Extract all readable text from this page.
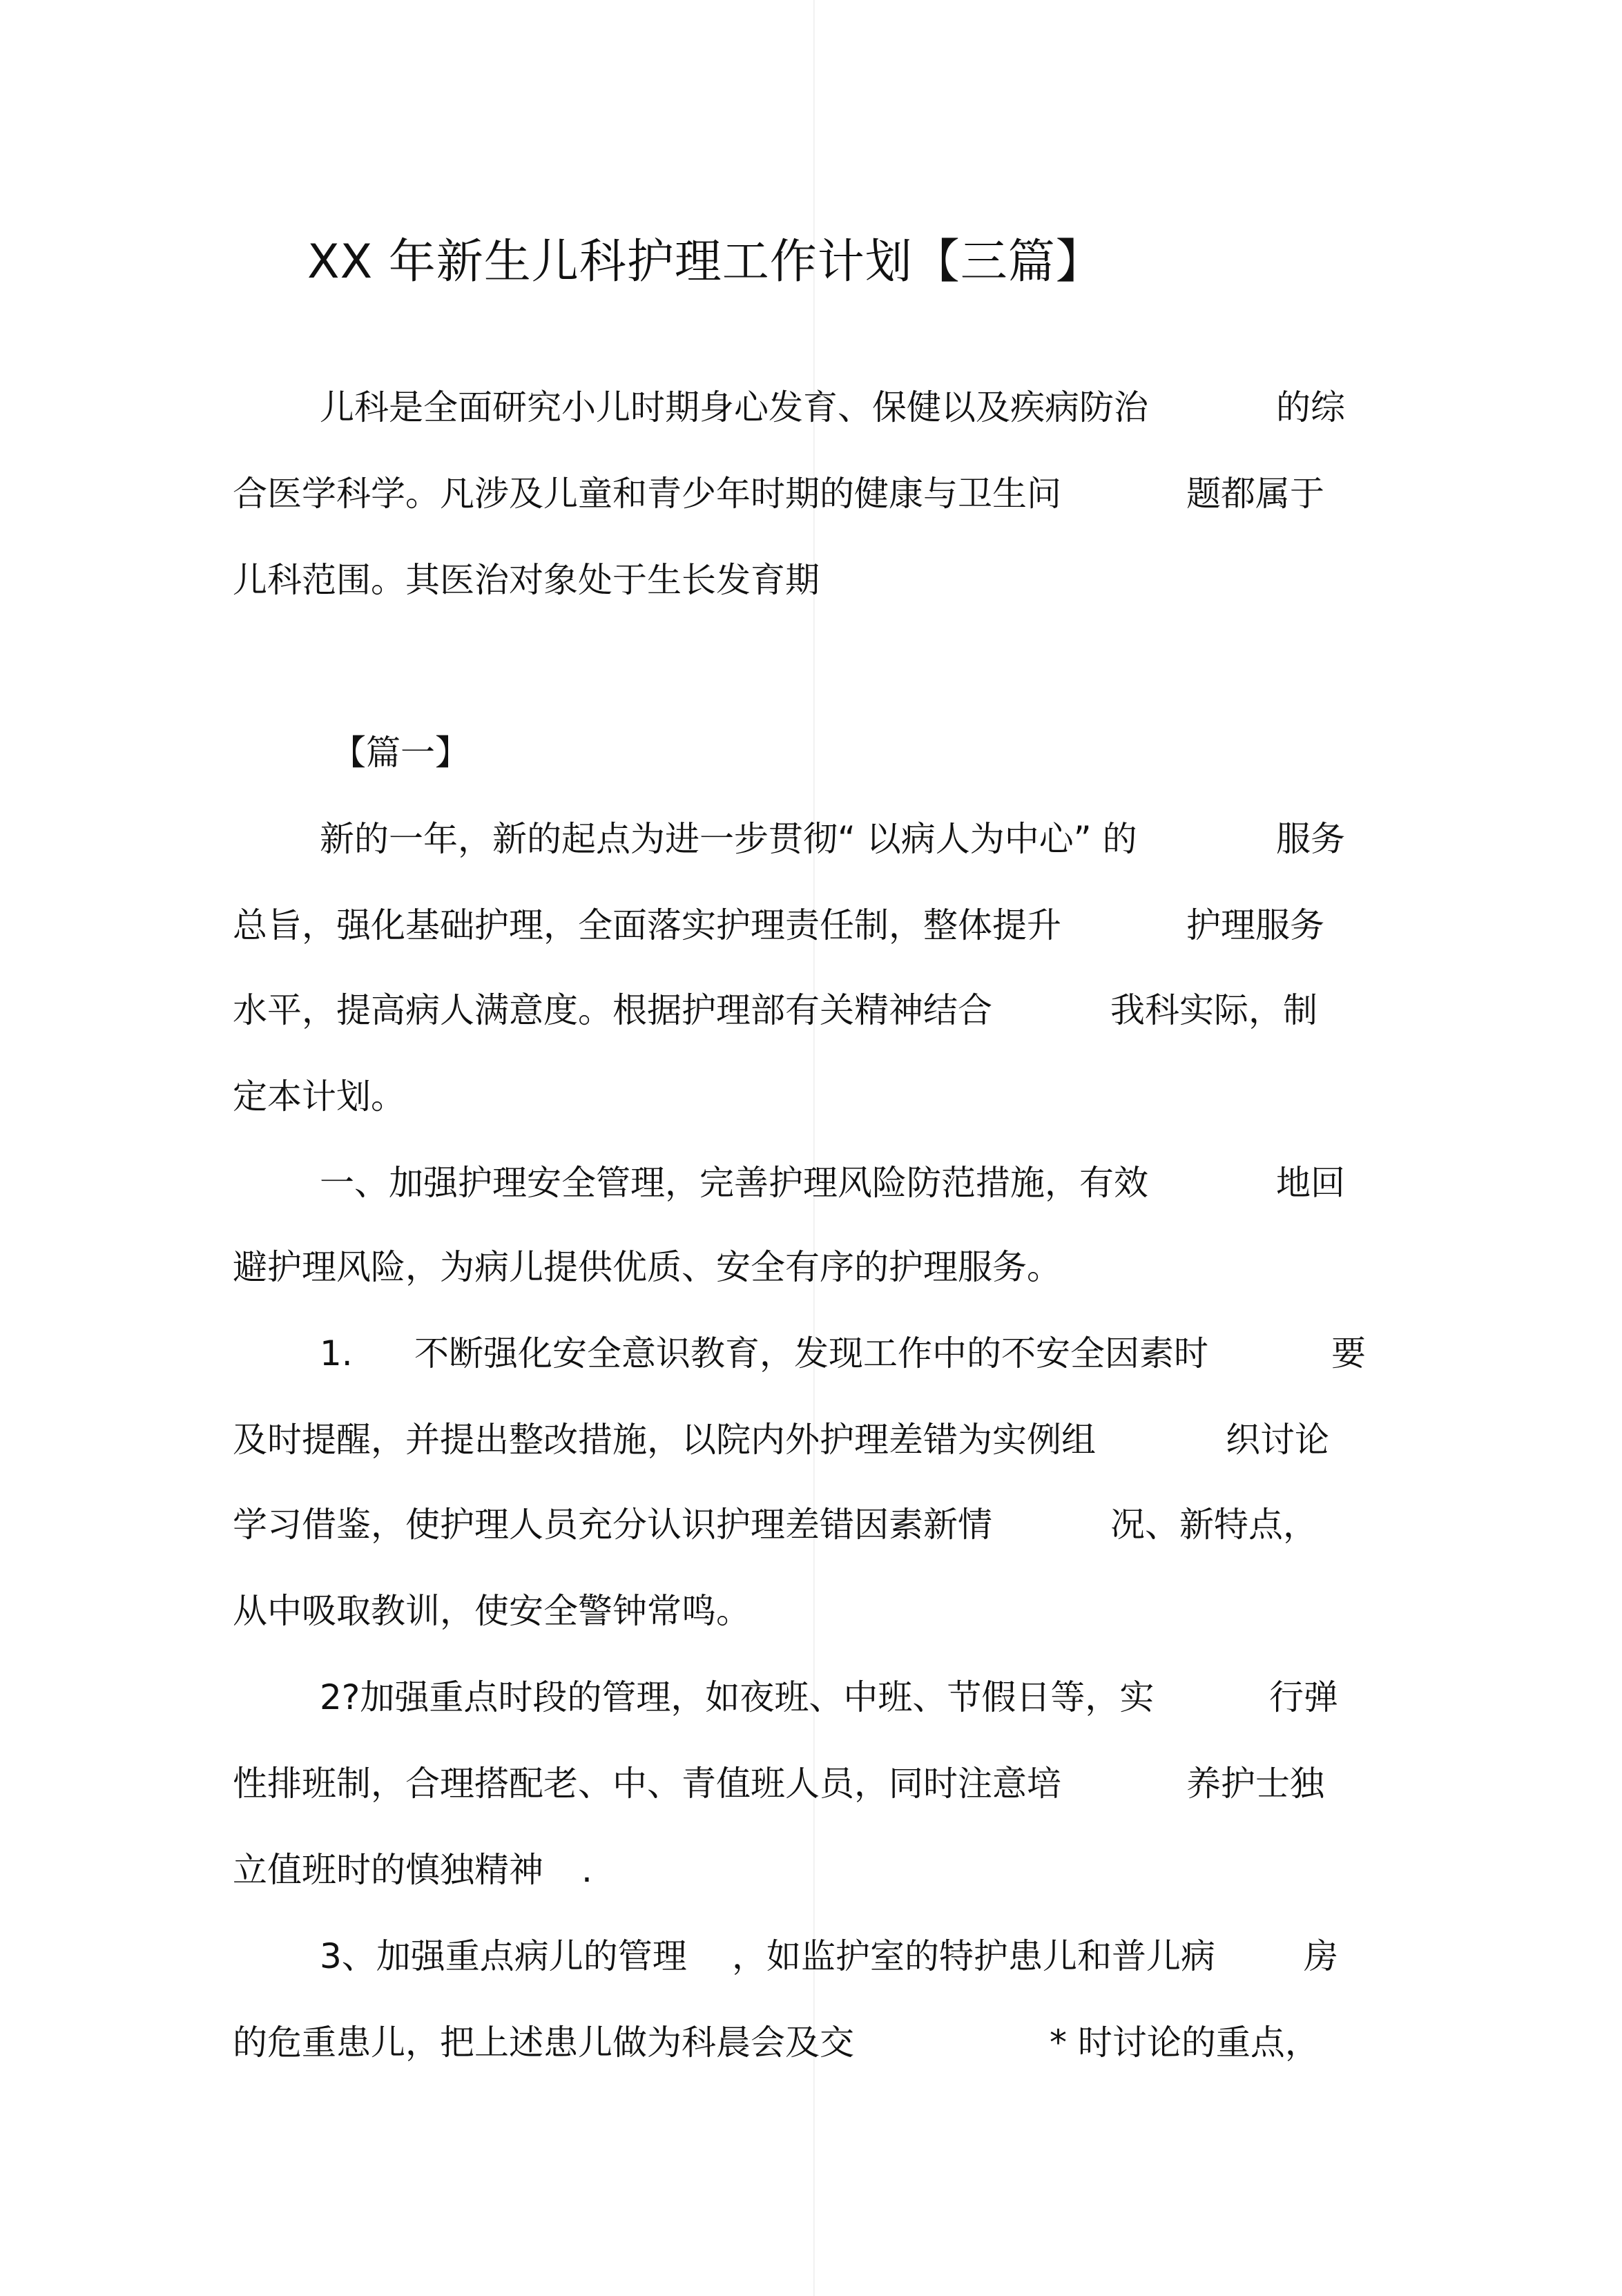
XX 年新生儿科护理工作计划【三篇】
儿科是全面研究小儿时期身心发育、保健以及疾病防治	的综
合医学科学。凡涉及儿童和青少年时期的健康与卫生问	题都属于
儿科范围。其医治对象处于生长发育期
【篇一】
新的一年，新的起点为进一步贯彻“ 以病人为中心” 的	服务
总旨，强化基础护理，全面落实护理责任制，整体提升	护理服务
水平，提高病人满意度。根据护理部有关精神结合	我科实际，制
定本计划。
一、加强护理安全管理，完善护理风险防范措施，有效	地回
避护理风险，为病儿提供优质、安全有序的护理服务。
1. 不断强化安全意识教育，发现工作中的不安全因素时	要
及时提醒，并提出整改措施，以院内外护理差错为实例组	织讨论
学习借鉴，使护理人员充分认识护理差错因素新情	况、新特点，
从中吸取教训，使安全警钟常鸣。
2?加强重点时段的管理，如夜班、中班、节假日等，实	行弹
性排班制，合理搭配老、中、青值班人员，同时注意培	养护士独
立值班时的慎独精神 .
3、加强重点病儿的管理 ，如监护室的特护患儿和普儿病	房
的危重患儿，把上述患儿做为科晨会及交	* 时讨论的重点，
